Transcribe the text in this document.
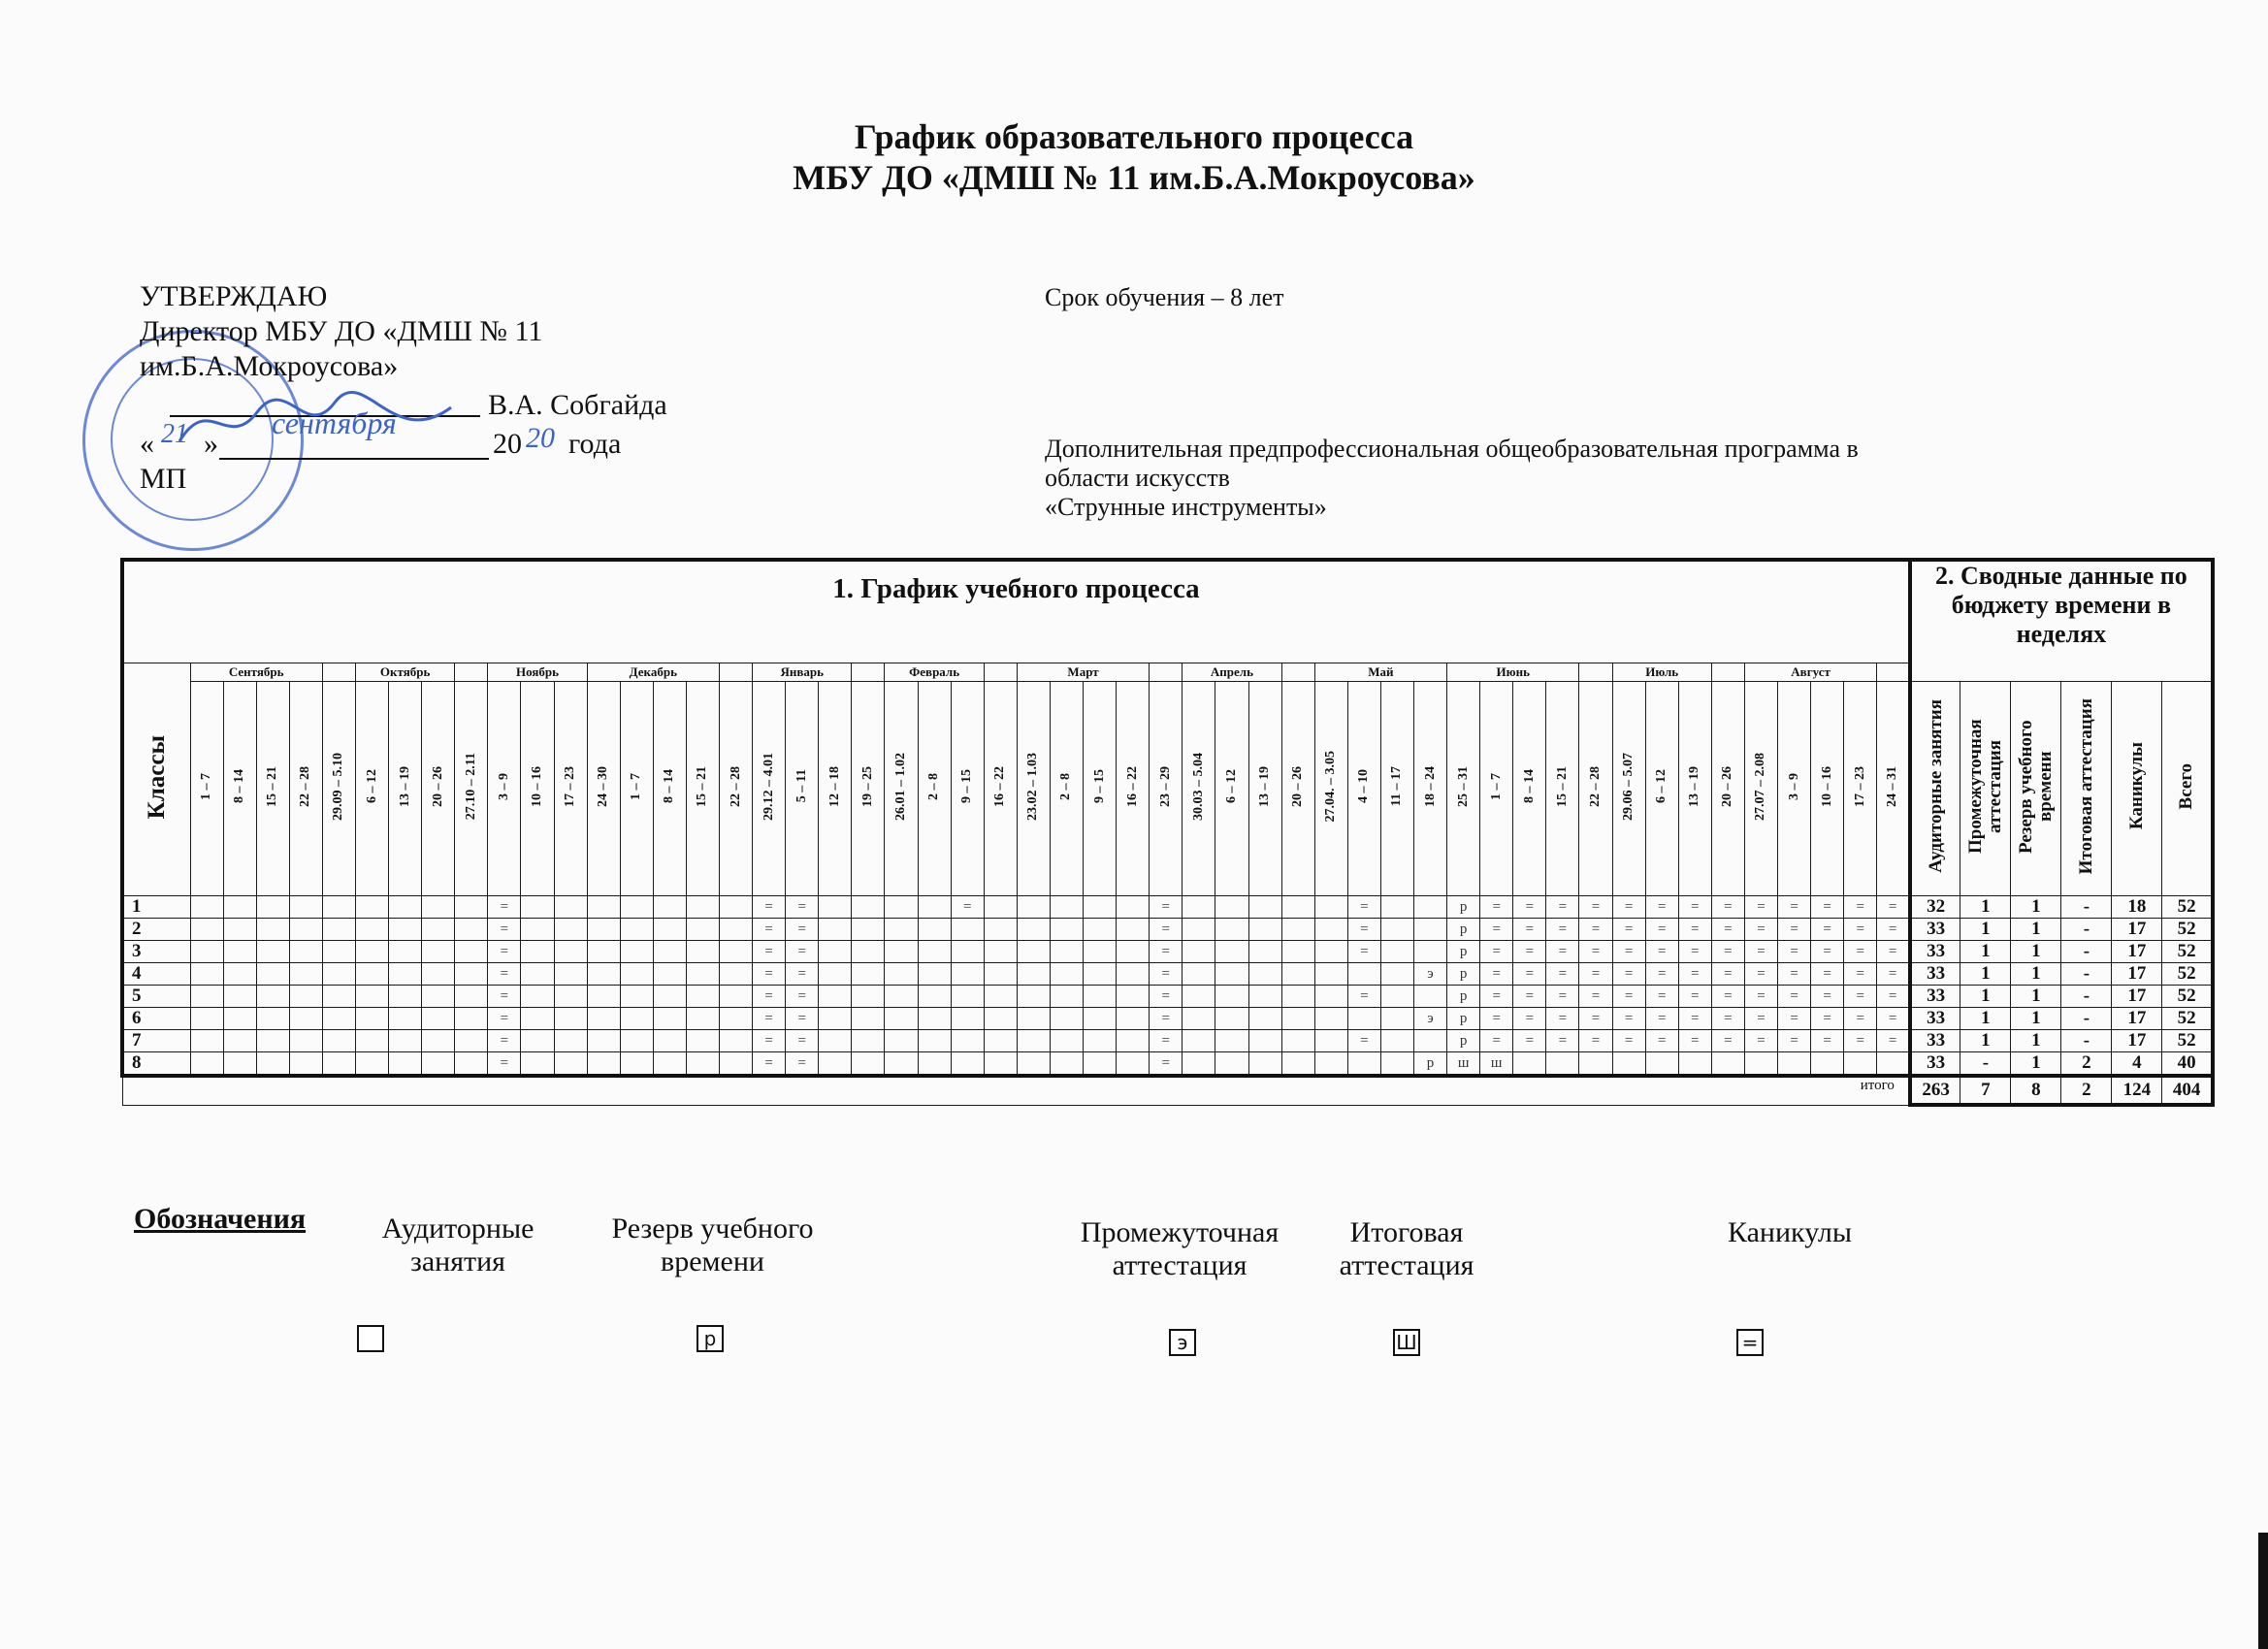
График образовательного процесса
МБУ ДО «ДМШ № 11 им.Б.А.Мокроусова»
УТВЕРЖДАЮ
Директор МБУ ДО «ДМШ № 11
им.Б.А.Мокроусова»
В.А. Собгайда
« 21 »
сентября
20 20 года
МП
Срок обучения – 8 лет
Дополнительная предпрофессиональная общеобразовательная программа в
области искусств
«Струнные инструменты»
1. График учебного процесса																																																					2. Сводные данные по бюджету времени в неделях					
Классы	Сентябрь					Октябрь				Ноябрь			Декабрь					Январь				Февраль				Март					Апрель				Май				Июнь					Июль				Август										
	1 – 7	8 – 14	15 – 21	22 – 28	29.09 – 5.10	6 – 12	13 – 19	20 – 26	27.10 – 2.11	3 – 9	10 – 16	17 – 23	24 – 30	1 – 7	8 – 14	15 – 21	22 – 28	29.12 – 4.01	5 – 11	12 – 18	19 – 25	26.01 – 1.02	2 – 8	9 – 15	16 – 22	23.02 – 1.03	2 – 8	9 – 15	16 – 22	23 – 29	30.03 – 5.04	6 – 12	13 – 19	20 – 26	27.04. – 3.05	4 – 10	11 – 17	18 – 24	25 – 31	1 – 7	8 – 14	15 – 21	22 – 28	29.06 – 5.07	6 – 12	13 – 19	20 – 26	27.07 – 2.08	3 – 9	10 – 16	17 – 23	24 – 31	Аудиторные занятия	Промежуточная аттестация	Резерв учебного времени	Итоговая аттестация	Каникулы	Всего
1										=								=	=					=						=						=			р	=	=	=	=	=	=	=	=	=	=	=	=	=	32	1	1	-	18	52
2										=								=	=											=						=			р	=	=	=	=	=	=	=	=	=	=	=	=	=	33	1	1	-	17	52
3										=								=	=											=						=			р	=	=	=	=	=	=	=	=	=	=	=	=	=	33	1	1	-	17	52
4										=								=	=											=								э	р	=	=	=	=	=	=	=	=	=	=	=	=	=	33	1	1	-	17	52
5										=								=	=											=						=			р	=	=	=	=	=	=	=	=	=	=	=	=	=	33	1	1	-	17	52
6										=								=	=											=								э	р	=	=	=	=	=	=	=	=	=	=	=	=	=	33	1	1	-	17	52
7										=								=	=											=						=			р	=	=	=	=	=	=	=	=	=	=	=	=	=	33	1	1	-	17	52
8										=								=	=											=								р	ш	ш													33	-	1	2	4	40
итого																																																					263	7	8	2	124	404
Обозначения	Аудиторные
занятия
Резерв учебного
времени
р
Промежуточная
аттестация
э
Итоговая
аттестация
Ш
Каникулы
=
